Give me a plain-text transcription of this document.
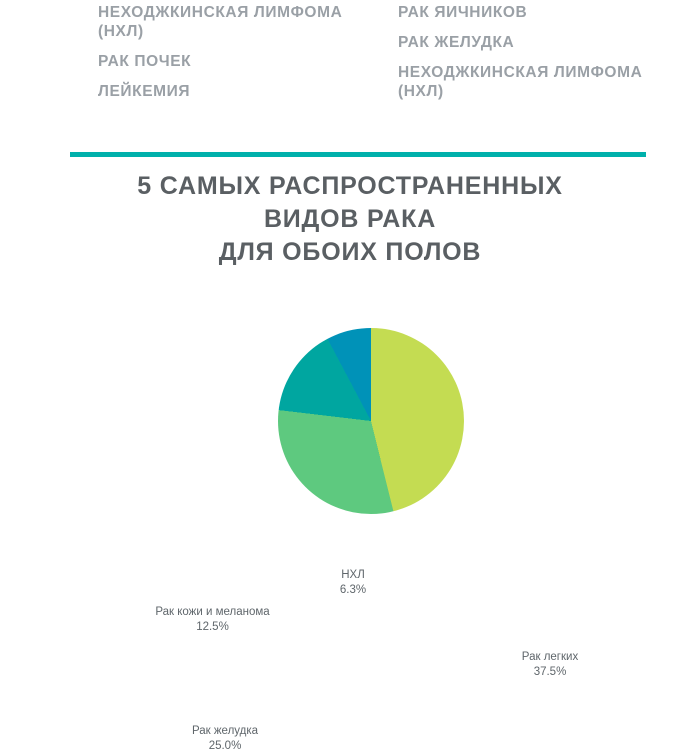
НЕХОДЖКИНСКАЯ ЛИМФОМА (НХЛ)
РАК ПОЧЕК
ЛЕЙКЕМИЯ
РАК ЯИЧНИКОВ
РАК ЖЕЛУДКА
НЕХОДЖКИНСКАЯ ЛИМФОМА (НХЛ)
5 САМЫХ РАСПРОСТРАНЕННЫХ
ВИДОВ РАКА
ДЛЯ ОБОИХ ПОЛОВ
НХЛ
6.3%
Рак кожи и меланома
12.5%
Рак легких
37.5%
Рак желудка
25.0%
